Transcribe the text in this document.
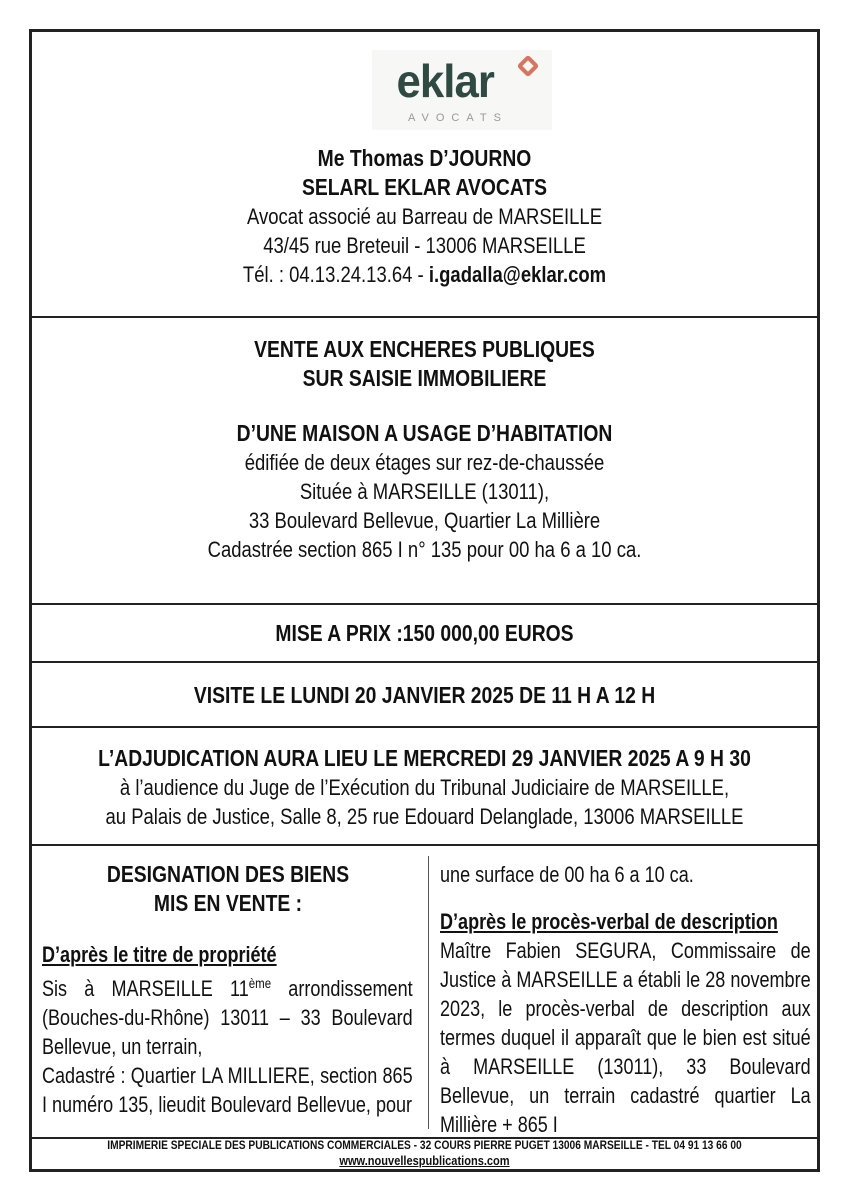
eklar
AVOCATS
Me Thomas D’JOURNO
SELARL EKLAR AVOCATS
Avocat associé au Barreau de MARSEILLE
43/45 rue Breteuil - 13006 MARSEILLE
Tél. : 04.13.24.13.64 - i.gadalla@eklar.com
VENTE AUX ENCHERES PUBLIQUES
SUR SAISIE IMMOBILIERE
D’UNE MAISON A USAGE D’HABITATION
édifiée de deux étages sur rez-de-chaussée
Située à MARSEILLE (13011),
33 Boulevard Bellevue, Quartier La Millière
Cadastrée section 865 I n° 135 pour 00 ha 6 a 10 ca.
MISE A PRIX :150 000,00 EUROS
VISITE LE LUNDI 20 JANVIER 2025 DE 11 H A 12 H
L’ADJUDICATION AURA LIEU LE MERCREDI 29 JANVIER 2025 A 9 H 30
à l’audience du Juge de l’Exécution du Tribunal Judiciaire de MARSEILLE,
au Palais de Justice, Salle 8, 25 rue Edouard Delanglade, 13006 MARSEILLE
DESIGNATION DES BIENS
MIS EN VENTE :
D’après le titre de propriété
Sis à MARSEILLE 11ème arrondissement (Bouches-du-Rhône) 13011 – 33 Boulevard Bellevue, un terrain,
Cadastré : Quartier LA MILLIERE, section 865 I numéro 135, lieudit Boulevard Bellevue, pour
une surface de 00 ha 6 a 10 ca.
D’après le procès-verbal de description
Maître Fabien SEGURA, Commissaire de Justice à MARSEILLE a établi le 28 novembre 2023, le procès-verbal de description aux termes duquel il apparaît que le bien est situé à MARSEILLE (13011), 33 Boulevard Bellevue, un terrain cadastré quartier La Millière + 865 I
IMPRIMERIE SPECIALE DES PUBLICATIONS COMMERCIALES - 32 COURS PIERRE PUGET 13006 MARSEILLE - TEL 04 91 13 66 00
www.nouvellespublications.com
